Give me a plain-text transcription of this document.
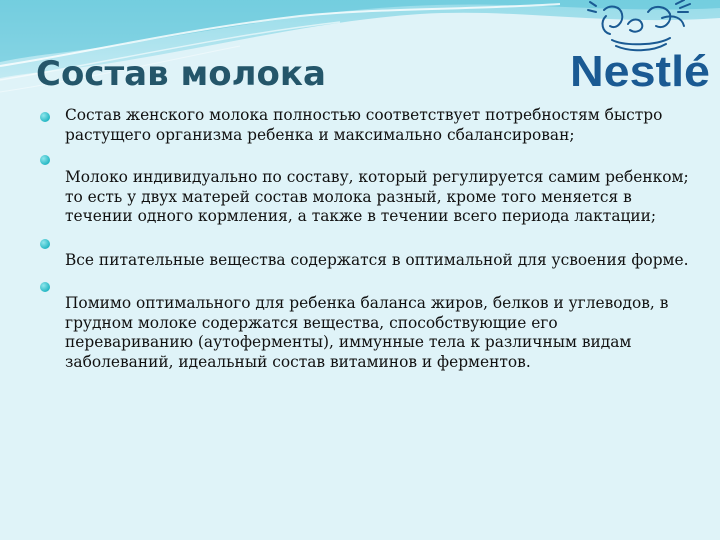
Состав молока	Nestlé
Состав женского молока полностью соответствует потребностям быстро растущего организма ребенка и максимально сбалансирован;
Молоко индивидуально по составу, который регулируется самим ребенком; то есть у двух матерей состав молока разный, кроме того меняется в течении одного кормления, а также в течении всего периода лактации;
Все питательные вещества содержатся в оптимальной для усвоения форме.
Помимо оптимального для ребенка баланса жиров, белков и углеводов, в грудном молоке содержатся вещества, способствующие его перевариванию (аутоферменты), иммунные тела к различным видам заболеваний, идеальный состав витаминов и ферментов.
